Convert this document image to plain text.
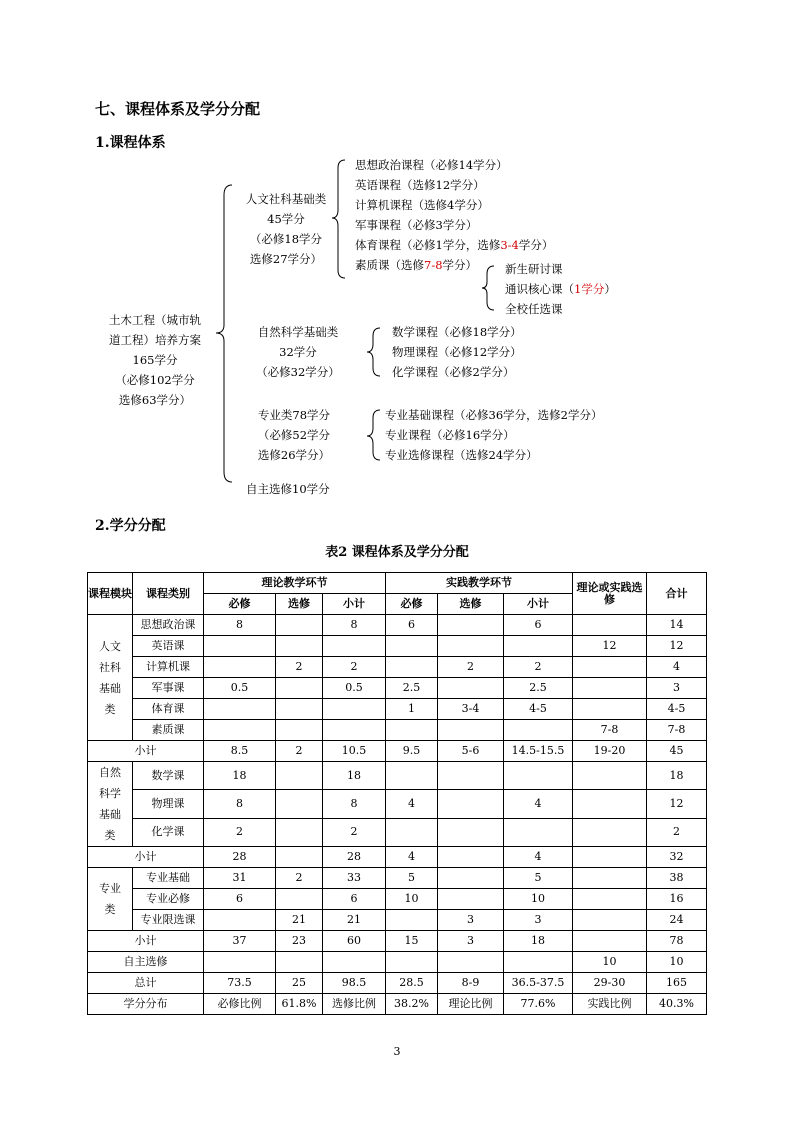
七、课程体系及学分分配
1.课程体系
土木工程（城市轨
道工程）培养方案
165学分
（必修102学分
选修63学分）
人文社科基础类
45学分
（必修18学分
选修27学分）
思想政治课程（必修14学分）
英语课程（选修12学分）
计算机课程（选修4学分）
军事课程（必修3学分）
体育课程（必修1学分，选修3-4学分）
素质课（选修7-8学分）	新生研讨课
通识核心课（1学分）
全校任选课
自然科学基础类
32学分
（必修32学分）
数学课程（必修18学分）
物理课程（必修12学分）
化学课程（必修2学分）
专业类78学分
（必修52学分
选修26学分）
专业基础课程（必修36学分，选修2学分）
专业课程（必修16学分）
专业选修课程（选修24学分）
自主选修10学分
2.学分分配
表2 课程体系及学分分配
课程模块	课程类别	理论教学环节			实践教学环节			理论或实践选修	合计
		必修	选修	小计	必修	选修	小计		
人文社科基础类	思想政治课	8		8	6		6		14
	英语课							12	12
	计算机课		2	2		2	2		4
	军事课	0.5		0.5	2.5		2.5		3
	体育课				1	3-4	4-5		4-5
	素质课							7-8	7-8
小计		8.5	2	10.5	9.5	5-6	14.5-15.5	19-20	45
自然科学基础类	数学课	18		18					18
	物理课	8		8	4		4		12
	化学课	2		2					2
小计		28		28	4		4		32
专业类	专业基础	31	2	33	5		5		38
	专业必修	6		6	10		10		16
	专业限选课		21	21		3	3		24
小计		37	23	60	15	3	18		78
自主选修								10	10
总计		73.5	25	98.5	28.5	8-9	36.5-37.5	29-30	165
学分分布		必修比例	61.8%	选修比例	38.2%	理论比例	77.6%	实践比例	40.3%
3
